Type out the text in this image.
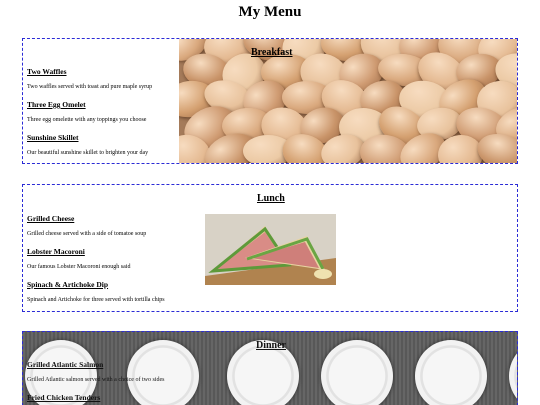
My Menu
Breakfast
Two Waffles
Two waffles served with toast and pure maple syrup
Three Egg Omelet
Three egg omelette with any toppings you choose
Sunshine Skillet
Our beautiful sunshine skillet to brighten your day
Lunch
Grilled Cheese
Grilled cheese served with a side of tomatoe soup
Lobster Macoroni
Our famous Lobster Macoroni enough said
Spinach & Artichoke Dip
Spinach and Artichoke for three served with tortilla chips
Dinner
Grilled Atlantic Salmon
Grilled Atlantic salmon served with a choice of two sides
Fried Chicken Tenders
